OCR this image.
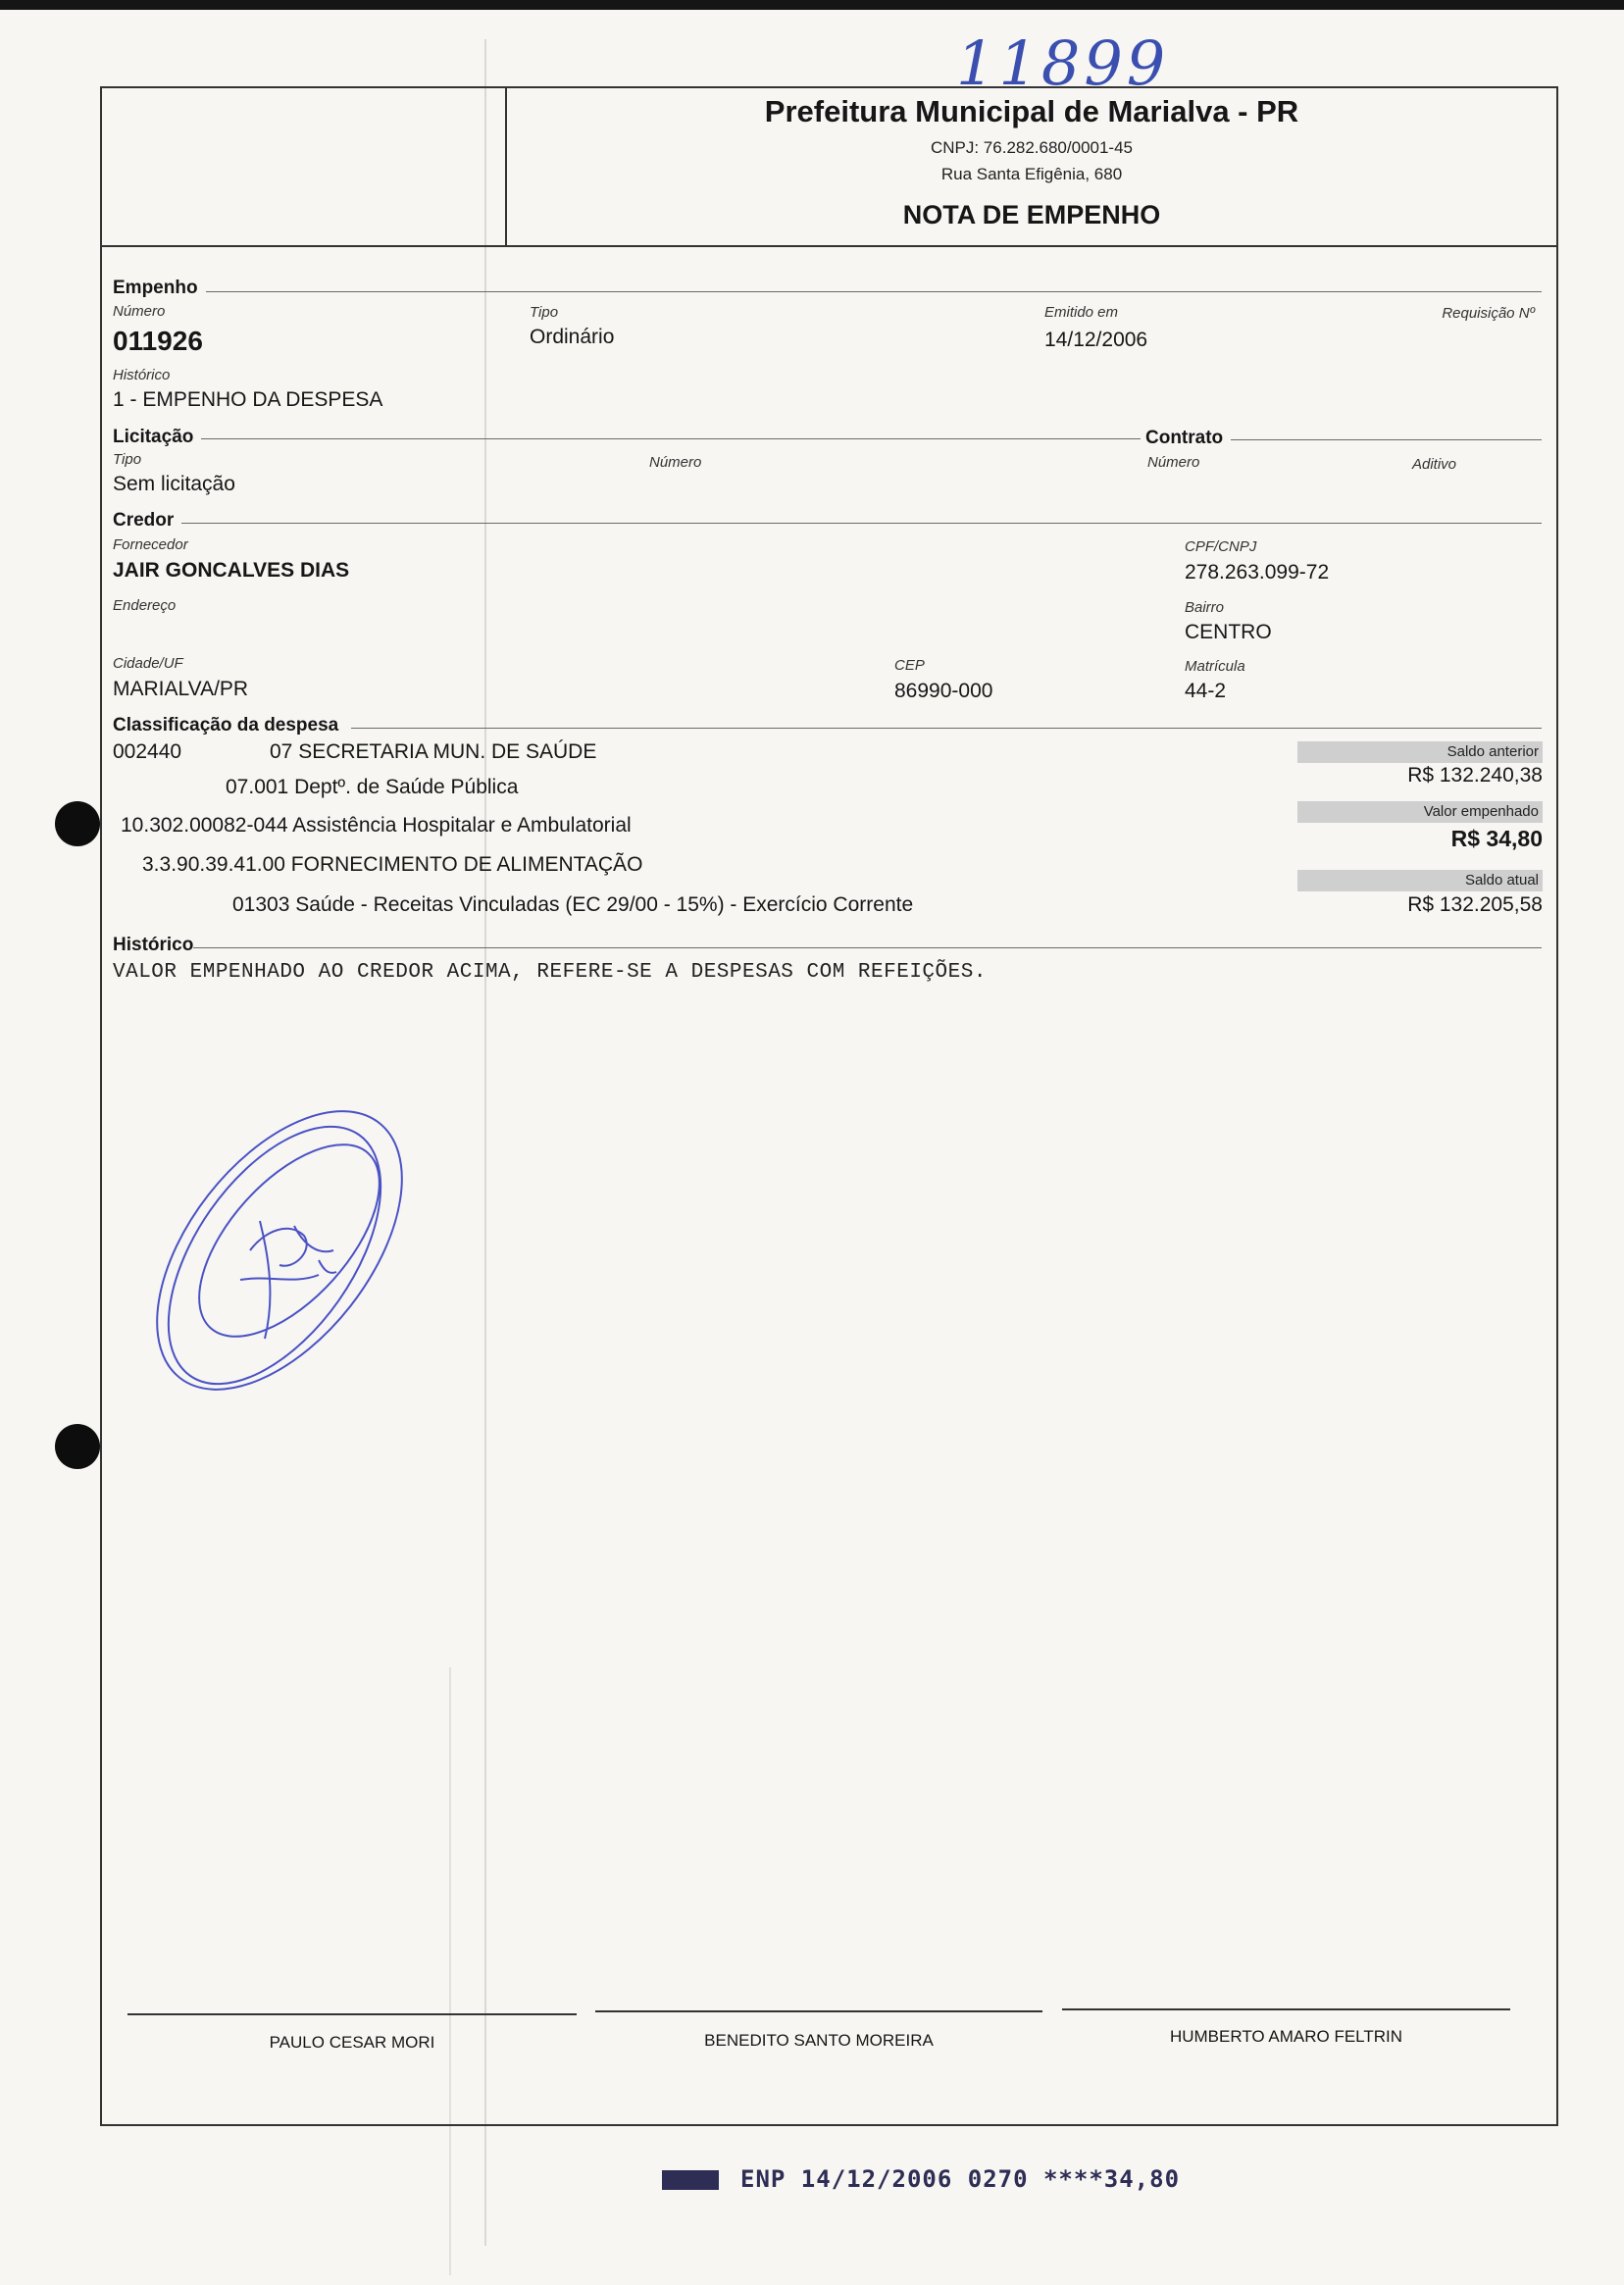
11899
Prefeitura Municipal de Marialva - PR
CNPJ: 76.282.680/0001-45
Rua Santa Efigênia, 680
NOTA DE EMPENHO
Empenho
Número
011926
Tipo
Ordinário
Emitido em
14/12/2006
Requisição Nº
Histórico
1 - EMPENHO DA DESPESA
Licitação	Contrato
Tipo
Sem licitação
Número	Número	Aditivo
Credor
Fornecedor
JAIR GONCALVES DIAS
CPF/CNPJ
278.263.099-72
Endereço	Bairro
CENTRO
Cidade/UF
MARIALVA/PR
CEP
86990-000
Matrícula
44-2
Classificação da despesa
002440	07 SECRETARIA MUN. DE SAÚDE
07.001 Deptº. de Saúde Pública
10.302.00082-044 Assistência Hospitalar e Ambulatorial
3.3.90.39.41.00 FORNECIMENTO DE ALIMENTAÇÃO
01303 Saúde - Receitas Vinculadas (EC 29/00 - 15%) - Exercício Corrente
Saldo anterior
R$ 132.240,38
Valor empenhado
R$ 34,80
Saldo atual
R$ 132.205,58
Histórico
VALOR EMPENHADO AO CREDOR ACIMA, REFERE-SE A DESPESAS COM REFEIÇÕES.
PAULO CESAR MORI	BENEDITO SANTO MOREIRA	HUMBERTO AMARO FELTRIN
ENP 14/12/2006 0270 ****34,80
